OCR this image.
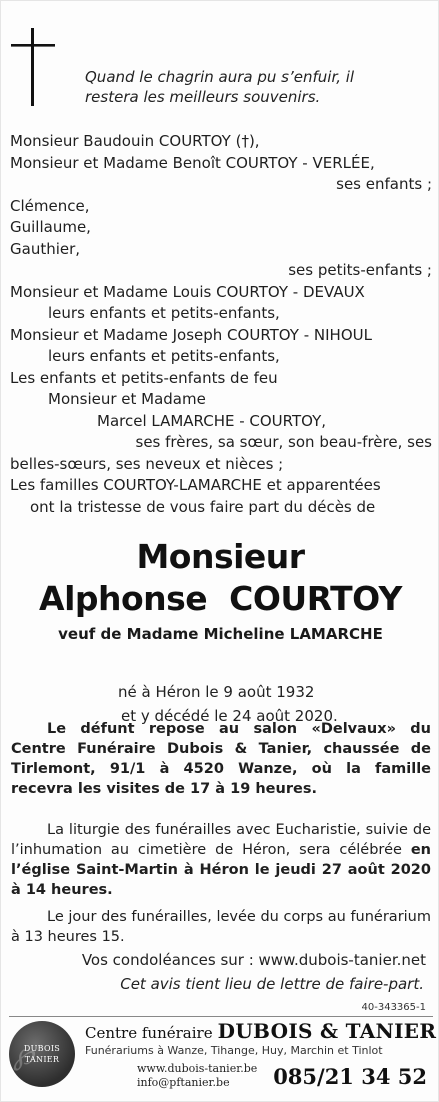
Quand le chagrin aura pu s’enfuir, il
restera les meilleurs souvenirs.
Monsieur Baudouin COURTOY (†),
Monsieur et Madame Benoît COURTOY - VERLÉE,
ses enfants ;
Clémence,
Guillaume,
Gauthier,
ses petits-enfants ;
Monsieur et Madame Louis COURTOY - DEVAUX
leurs enfants et petits-enfants,
Monsieur et Madame Joseph COURTOY - NIHOUL
leurs enfants et petits-enfants,
Les enfants et petits-enfants de feu
Monsieur et Madame
Marcel LAMARCHE - COURTOY,
ses frères, sa sœur, son beau-frère, ses
belles-sœurs, ses neveux et nièces ;
Les familles COURTOY-LAMARCHE et apparentées
ont la tristesse de vous faire part du décès de
Monsieur
Alphonse  COURTOY
veuf de Madame Micheline LAMARCHE
né à Héron le 9 août 1932
et y décédé le 24 août 2020.
Le défunt repose au salon «Delvaux» du Centre Funéraire Dubois & Tanier, chaussée de Tirlemont, 91/1 à 4520 Wanze, où la famille recevra les visites de 17 à 19 heures.
La liturgie des funérailles avec Eucharistie, suivie de l’inhumation au cimetière de Héron, sera célébrée en l’église Saint-Martin à Héron le jeudi 27 août 2020 à 14 heures.
Le jour des funérailles, levée du corps au funérarium à 13 heures 15.
Vos condoléances sur : www.dubois-tanier.net
Cet avis tient lieu de lettre de faire-part.
40-343365-1
℘
DUBOIS
TANIER
Centre funéraire DUBOIS & TANIER
Funérariums à Wanze, Tihange, Huy, Marchin et Tinlot
www.dubois-tanier.be
info@pftanier.be	085/21 34 52
